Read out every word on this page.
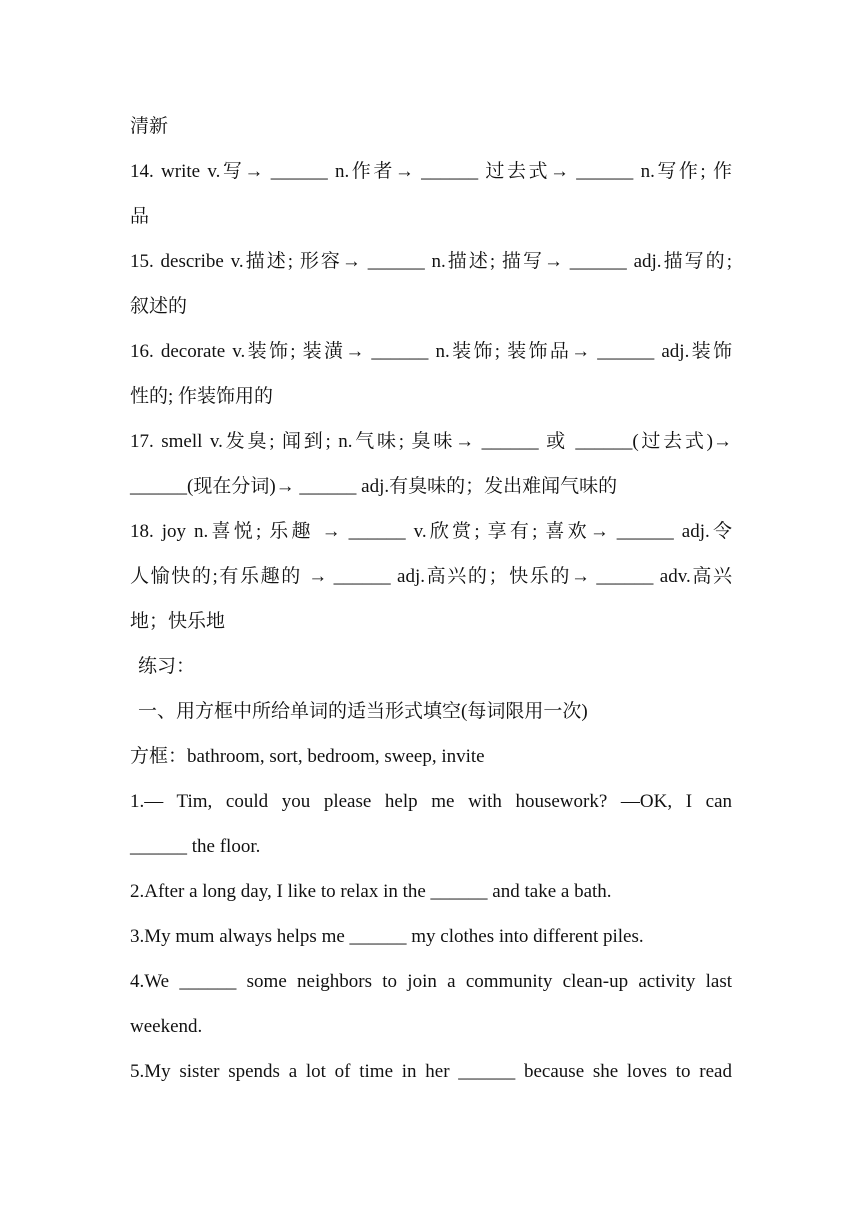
清新
14. write v.写→ ______ n.作者→ ______ 过去式→ ______ n.写作; 作
品
15. describe v.描述; 形容→ ______ n.描述; 描写→ ______ adj.描写的;
叙述的
16. decorate v.装饰; 装潢→ ______ n.装饰; 装饰品→ ______ adj.装饰
性的; 作装饰用的
17. smell v.发臭; 闻到; n.气味; 臭味→ ______ 或 ______(过去式)→
______(现在分词)→ ______ adj.有臭味的；发出难闻气味的
18. joy n.喜悦; 乐趣 → ______ v.欣赏; 享有; 喜欢→ ______ adj.令
人愉快的;有乐趣的 → ______ adj.高兴的；快乐的→ ______ adv.高兴
地；快乐地
练习：
一、用方框中所给单词的适当形式填空(每词限用一次)
方框：bathroom, sort, bedroom, sweep, invite
1.— Tim, could you please help me with housework? —OK, I can
______ the floor.
2.After a long day, I like to relax in the ______ and take a bath.
3.My mum always helps me ______ my clothes into different piles.
4.We ______ some neighbors to join a community clean-up activity last
weekend.
5.My sister spends a lot of time in her ______ because she loves to read
